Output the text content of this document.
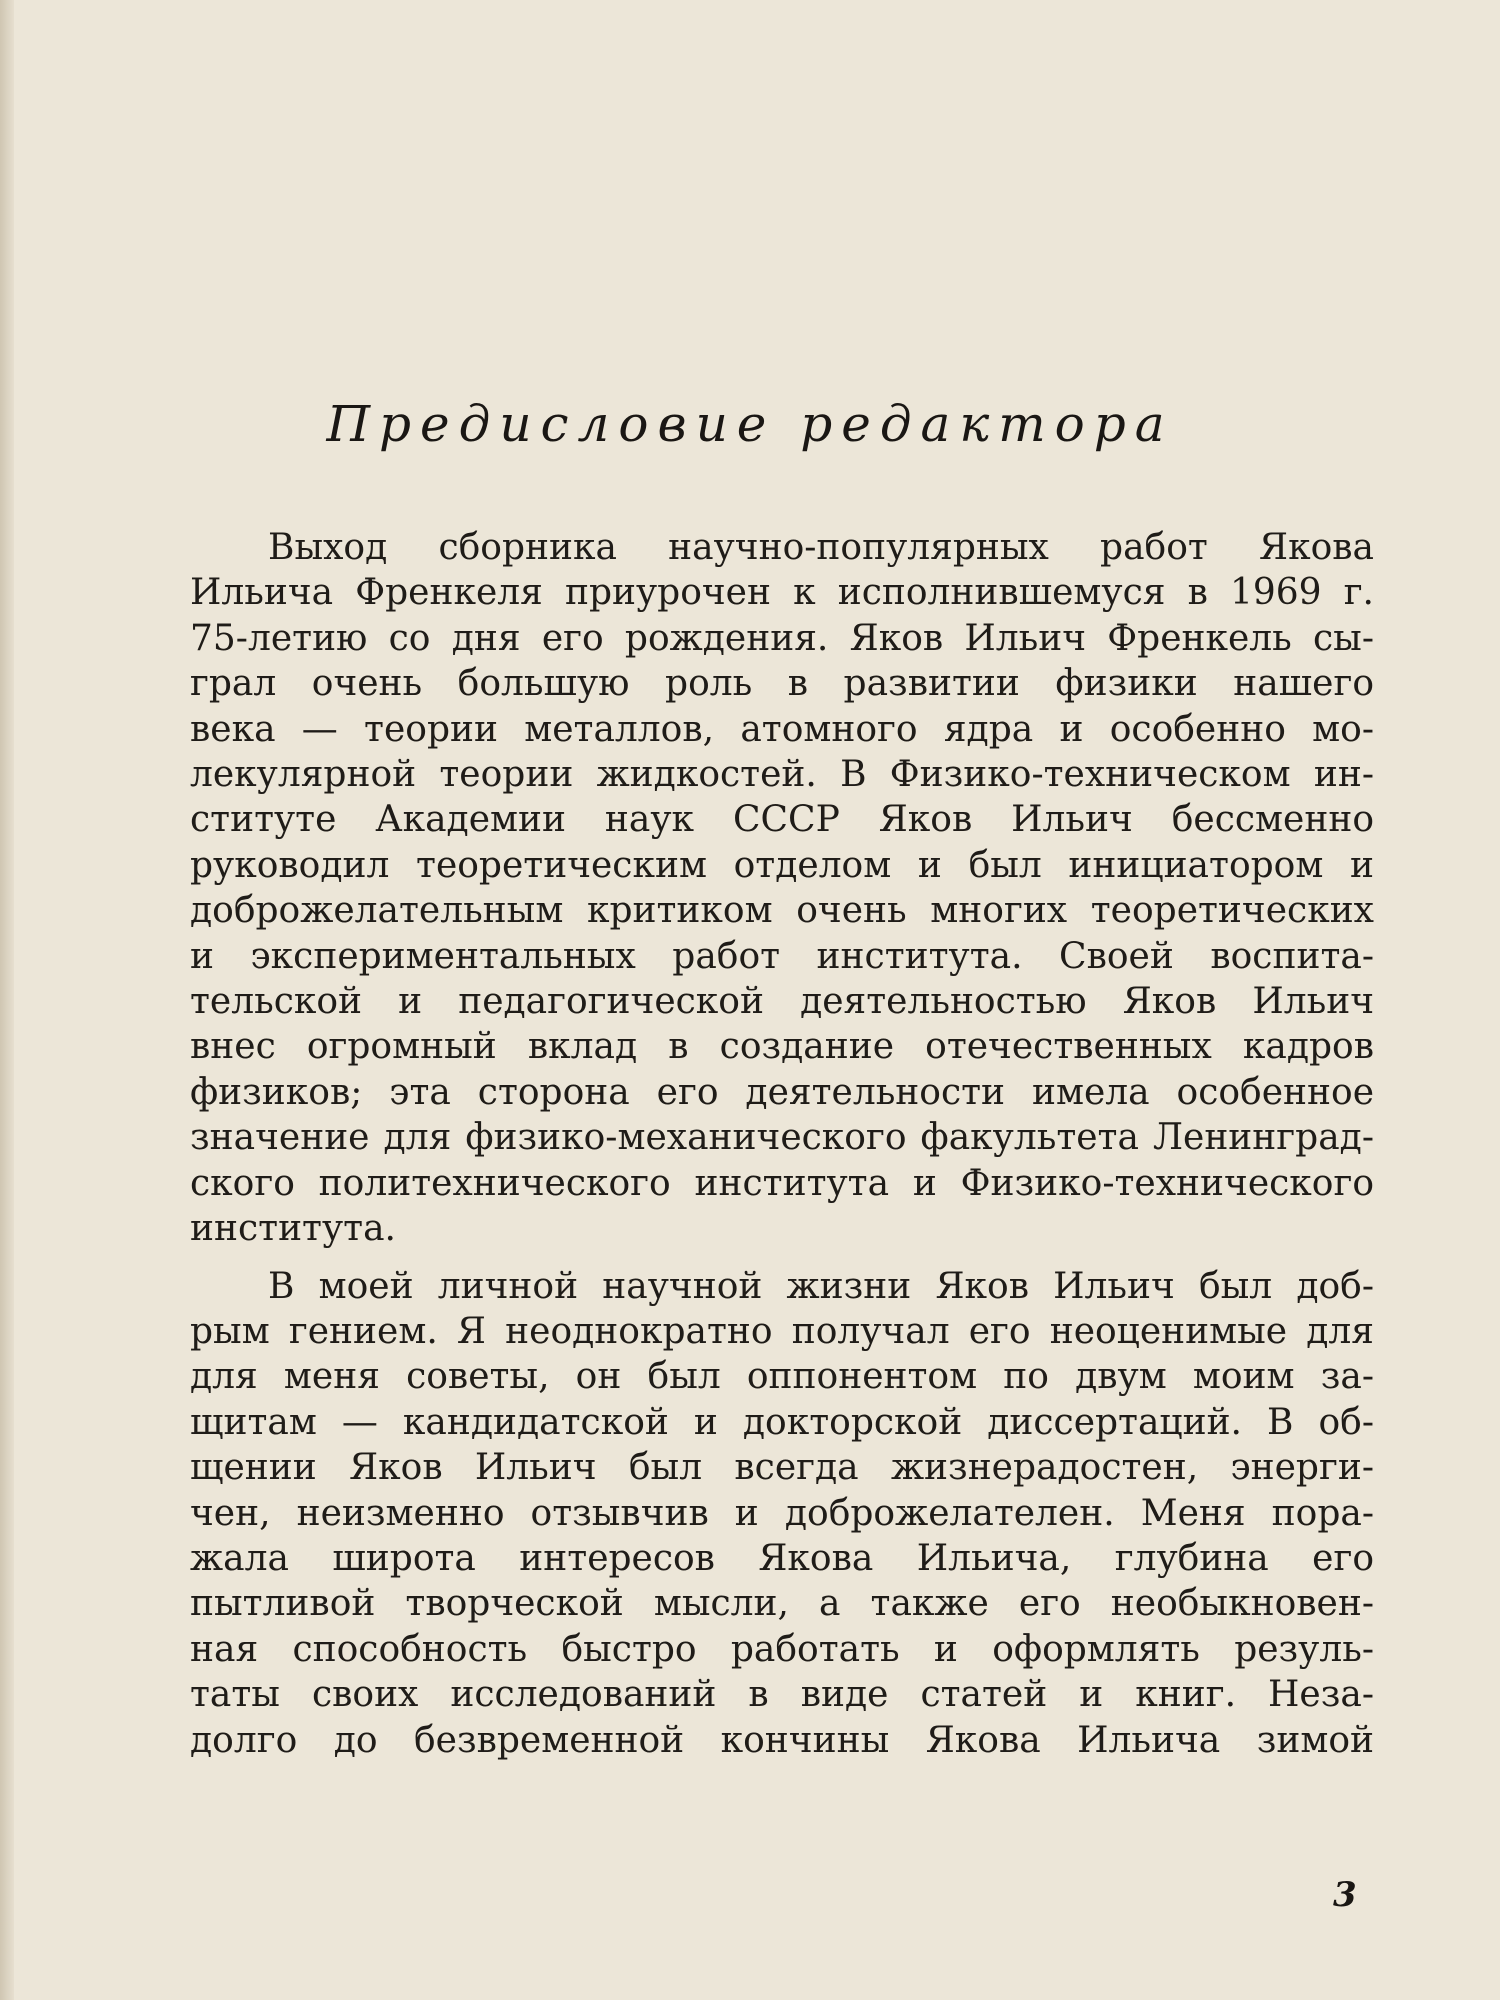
Предисловие редактора
Выход сборника научно-популярных работ Якова
Ильича Френкеля приурочен к исполнившемуся в 1969 г.
75-летию со дня его рождения. Яков Ильич Френкель сы-
грал очень большую роль в развитии физики нашего
века — теории металлов, атомного ядра и особенно мо-
лекулярной теории жидкостей. В Физико-техническом ин-
ституте Академии наук СССР Яков Ильич бессменно
руководил теоретическим отделом и был инициатором и
доброжелательным критиком очень многих теоретических
и экспериментальных работ института. Своей воспита-
тельской и педагогической деятельностью Яков Ильич
внес огромный вклад в создание отечественных кадров
физиков; эта сторона его деятельности имела особенное
значение для физико-механического факультета Ленинград-
ского политехнического института и Физико-технического
института.
В моей личной научной жизни Яков Ильич был доб-
рым гением. Я неоднократно получал его неоценимые для
для меня советы, он был оппонентом по двум моим за-
щитам — кандидатской и докторской диссертаций. В об-
щении Яков Ильич был всегда жизнерадостен, энерги-
чен, неизменно отзывчив и доброжелателен. Меня пора-
жала широта интересов Якова Ильича, глубина его
пытливой творческой мысли, а также его необыкновен-
ная способность быстро работать и оформлять резуль-
таты своих исследований в виде статей и книг. Неза-
долго до безвременной кончины Якова Ильича зимой
3
